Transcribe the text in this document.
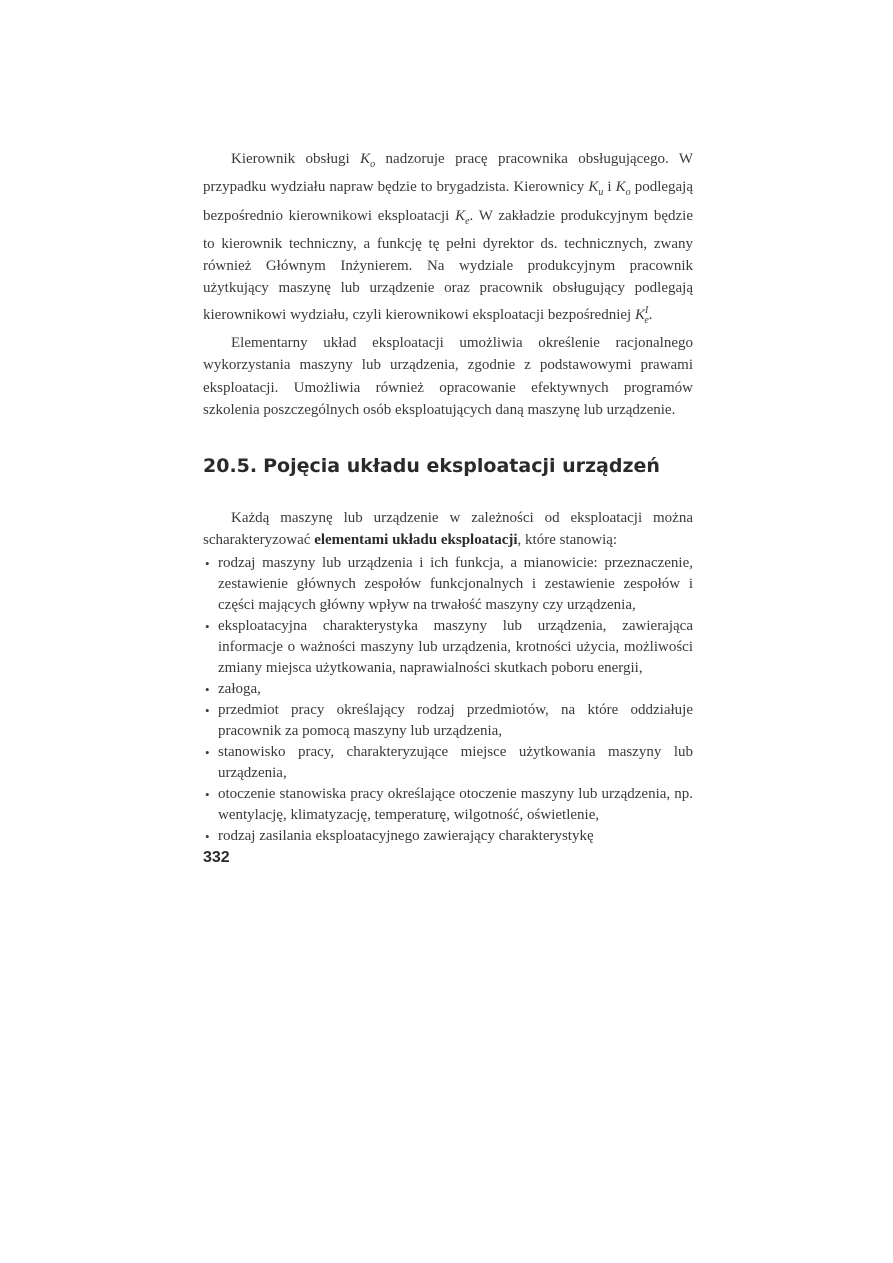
Kierownik obsługi $K_o$ nadzoruje pracę pracownika obsługującego. W przypadku wydziału napraw będzie to brygadzista. Kierownicy $K_u$ i $K_o$ podlegają bezpośrednio kierownikowi eksploatacji $K_e$. W zakładzie produkcyjnym będzie to kierownik techniczny, a funkcję tę pełni dyrektor ds. technicznych, zwany również Głównym Inżynierem. Na wydziale produkcyjnym pracownik użytkujący maszynę lub urządzenie oraz pracownik obsługujący podlegają kierownikowi wydziału, czyli kierownikowi eksploatacji bezpośredniej $K^I_e$.

Elementarny układ eksploatacji umożliwia określenie racjonalnego wykorzystania maszyny lub urządzenia, zgodnie z podstawowymi prawami eksploatacji. Umożliwia również opracowanie efektywnych programów szkolenia poszczególnych osób eksploatujących daną maszynę lub urządzenie.

20.5. Pojęcia układu eksploatacji urządzeń

Każdą maszynę lub urządzenie w zależności od eksploatacji można scharakteryzować elementami układu eksploatacji, które stanowią:

• rodzaj maszyny lub urządzenia i ich funkcja, a mianowicie: przeznaczenie, zestawienie głównych zespołów funkcjonalnych i zestawienie zespołów i części mających główny wpływ na trwałość maszyny czy urządzenia,
• eksploatacyjna charakterystyka maszyny lub urządzenia, zawierająca informacje o ważności maszyny lub urządzenia, krotności użycia, możliwości zmiany miejsca użytkowania, naprawialności skutkach poboru energii,
• załoga,
• przedmiot pracy określający rodzaj przedmiotów, na które oddziałuje pracownik za pomocą maszyny lub urządzenia,
• stanowisko pracy, charakteryzujące miejsce użytkowania maszyny lub urządzenia,
• otoczenie stanowiska pracy określające otoczenie maszyny lub urządzenia, np. wentylację, klimatyzację, temperaturę, wilgotność, oświetlenie,
• rodzaj zasilania eksploatacyjnego zawierający charakterystykę
332
